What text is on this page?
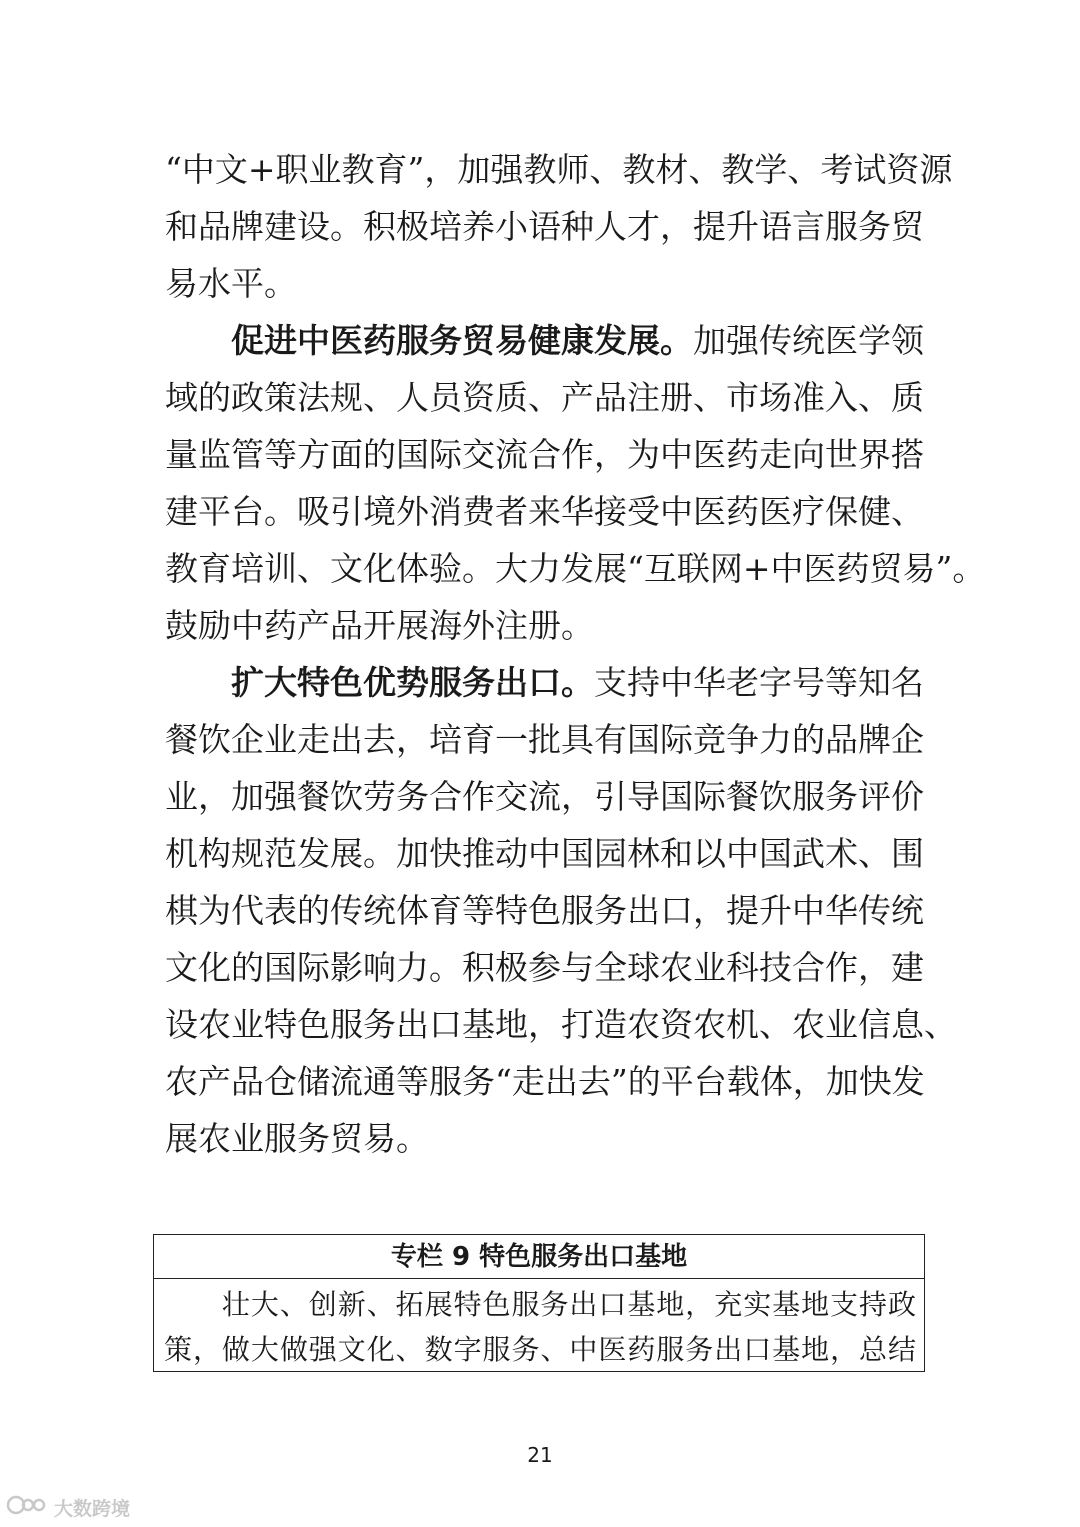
“中文+职业教育”，加强教师、教材、教学、考试资源
和品牌建设。积极培养小语种人才，提升语言服务贸
易水平。
促进中医药服务贸易健康发展。加强传统医学领
域的政策法规、人员资质、产品注册、市场准入、质
量监管等方面的国际交流合作，为中医药走向世界搭
建平台。吸引境外消费者来华接受中医药医疗保健、
教育培训、文化体验。大力发展“互联网+中医药贸易”。
鼓励中药产品开展海外注册。
扩大特色优势服务出口。支持中华老字号等知名
餐饮企业走出去，培育一批具有国际竞争力的品牌企
业，加强餐饮劳务合作交流，引导国际餐饮服务评价
机构规范发展。加快推动中国园林和以中国武术、围
棋为代表的传统体育等特色服务出口，提升中华传统
文化的国际影响力。积极参与全球农业科技合作，建
设农业特色服务出口基地，打造农资农机、农业信息、
农产品仓储流通等服务“走出去”的平台载体，加快发
展农业服务贸易。
专栏 9 特色服务出口基地
　　壮大、创新、拓展特色服务出口基地，充实基地支持政
策，做大做强文化、数字服务、中医药服务出口基地，总结
21
大数跨境
